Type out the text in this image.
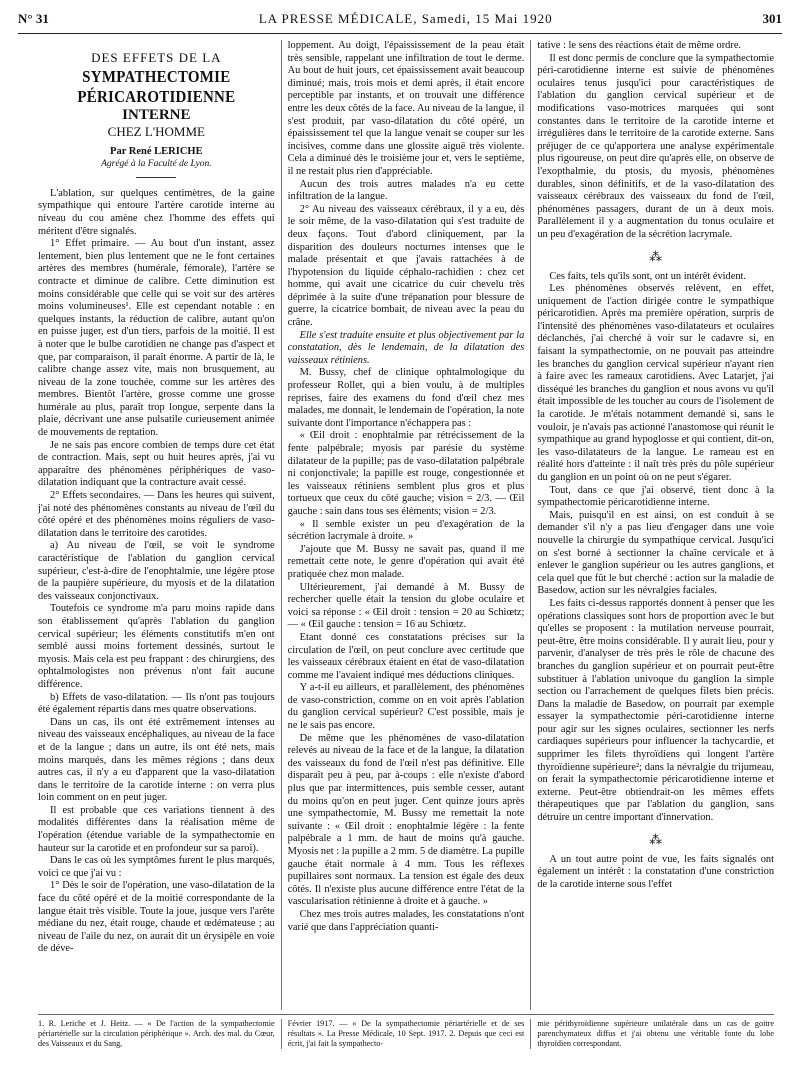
N° 31	LA PRESSE MÉDICALE, Samedi, 15 Mai 1920	301
DES EFFETS DE LA
SYMPATHECTOMIE PÉRICAROTIDIENNE
INTERNE
CHEZ L'HOMME
Par René LERICHE
Agrégé à la Faculté de Lyon.

L'ablation, sur quelques centimètres, de la gaine sympathique qui entoure l'artère carotide interne au niveau du cou amène chez l'homme des effets qui méritent d'être signalés.

1° Effet primaire. — Au bout d'un instant, assez lentement, bien plus lentement que ne le font certaines artères des membres (humérale, fémorale), l'artère se contracte et diminue de calibre. Cette diminution est moins considérable que celle qui se voit sur des artères moins volumineuses¹. Elle est cependant notable : en quelques instants, la réduction de calibre, autant qu'on en puisse juger, est d'un tiers, parfois de la moitié. Il est à noter que le bulbe carotidien ne change pas d'aspect et que, par comparaison, il paraît énorme. A partir de là, le calibre change assez vite, mais non brusquement, au niveau de la zone touchée, comme sur les artères des membres. Bientôt l'artère, grosse comme une grosse humérale au plus, paraît trop longue, serpente dans la plaie, décrivant une anse pulsatile curieusement animée de mouvements de reptation.

Je ne sais pas encore combien de temps dure cet état de contraction. Mais, sept ou huit heures après, j'ai vu apparaître des phénomènes périphériques de vaso-dilatation indiquant que la contracture avait cessé.

2° Effets secondaires. — Dans les heures qui suivent, j'ai noté des phénomènes constants au niveau de l'œil du côté opéré et des phénomènes moins réguliers de vaso-dilatation dans le territoire des carotides.

a) Au niveau de l'œil, se voit le syndrome caractéristique de l'ablation du ganglion cervical supérieur, c'est-à-dire de l'enophtalmie, une légère ptose de la paupière supérieure, du myosis et de la dilatation des vaisseaux conjonctivaux.

Toutefois ce syndrome m'a paru moins rapide dans son établissement qu'après l'ablation du ganglion cervical supérieur; les éléments constitutifs m'en ont semblé aussi moins fortement dessinés, surtout le myosis. Mais cela est peu frappant : des chirurgiens, des ophtalmologistes non prévenus n'ont fait aucune différence.

b) Effets de vaso-dilatation. — Ils n'ont pas toujours été également répartis dans mes quatre observations.

Dans un cas, ils ont été extrêmement intenses au niveau des vaisseaux encéphaliques, au niveau de la face et de la langue ; dans un autre, ils ont été nets, mais moins marqués, dans les mêmes régions ; dans deux autres cas, il n'y a eu d'apparent que la vaso-dilatation dans le territoire de la carotide interne : on verra plus loin comment on en peut juger.

Il est probable que ces variations tiennent à des modalités différentes dans la réalisation même de l'opération (étendue variable de la sympathectomie en hauteur sur la carotide et en profondeur sur sa paroi).

Dans le cas où les symptômes furent le plus marqués, voici ce que j'ai vu :

1° Dès le soir de l'opération, une vaso-dilatation de la face du côté opéré et de la moitié correspondante de la langue était très visible. Toute la joue, jusque vers l'arête médiane du nez, était rouge, chaude et œdémateuse ; au niveau de l'aile du nez, on aurait dit un érysipèle en voie de déve-

loppement. Au doigt, l'épaississement de la peau était très sensible, rappelant une infiltration de tout le derme. Au bout de huit jours, cet épaississement avait beaucoup diminué; mais, trois mois et demi après, il était encore perceptible par instants, et on trouvait une différence entre les deux côtés de la face. Au niveau de la langue, il s'est produit, par vaso-dilatation du côté opéré, un épaississement tel que la langue venait se couper sur les incisives, comme dans une glossite aiguë très violente. Cela a diminué dès le troisième jour et, vers le septième, il ne restait plus rien d'appréciable.

Aucun des trois autres malades n'a eu cette infiltration de la langue.

2° Au niveau des vaisseaux cérébraux, il y a eu, dès le soir même, de la vaso-dilatation qui s'est traduite de deux façons. Tout d'abord cliniquement, par la disparition des douleurs nocturnes intenses que le malade présentait et que j'avais rattachées à de l'hypotension du liquide céphalo-rachidien : chez cet homme, qui avait une cicatrice du cuir chevelu très déprimée à la suite d'une trépanation pour blessure de guerre, la cicatrice bombait, de niveau avec la peau du crâne.

Elle s'est traduite ensuite et plus objectivement par la constatation, dès le lendemain, de la dilatation des vaisseaux rétiniens.

M. Bussy, chef de clinique ophtalmologique du professeur Rollet, qui a bien voulu, à de multiples reprises, faire des examens du fond d'œil chez mes malades, me donnait, le lendemain de l'opération, la note suivante dont l'importance n'échappera pas :

« Œil droit : enophtalmie par rétrécissement de la fente palpébrale; myosis par parésie du système dilatateur de la pupille; pas de vaso-dilatation palpébrale ni conjonctivale; la papille est rouge, congestionnée et les vaisseaux rétiniens semblent plus gros et plus tortueux que ceux du côté gauche; vision = 2/3. — Œil gauche : sain dans tous ses éléments; vision = 2/3.

« Il semble exister un peu d'exagération de la sécrétion lacrymale à droite. »

J'ajoute que M. Bussy ne savait pas, quand il me remettait cette note, le genre d'opération qui avait été pratiquée chez mon malade.

Ultérieurement, j'ai demandé à M. Bussy de rechercher quelle était la tension du globe oculaire et voici sa réponse : « Œil droit : tension = 20 au Schiœtz; — « Œil gauche : tension = 16 au Schiœtz.

Etant donné ces constatations précises sur la circulation de l'œil, on peut conclure avec certitude que les vaisseaux cérébraux étaient en état de vaso-dilatation comme me l'avaient indiqué mes déductions cliniques.

Y a-t-il eu ailleurs, et parallèlement, des phénomènes de vaso-constriction, comme on en voit après l'ablation du ganglion cervical supérieur? C'est possible, mais je ne le sais pas encore.

De même que les phénomènes de vaso-dilatation relevés au niveau de la face et de la langue, la dilatation des vaisseaux du fond de l'œil n'est pas définitive. Elle disparaît peu à peu, par à-coups : elle n'existe d'abord plus que par intermittences, puis semble cesser, autant du moins qu'on en peut juger. Cent quinze jours après une sympathectomie, M. Bussy me remettait la note suivante : « Œil droit : enophtalmie légère : la fente palpébrale a 1 mm. de haut de moins qu'à gauche. Myosis net : la pupille a 2 mm. 5 de diamètre. La pupille gauche était normale à 4 mm. Tous les réflexes pupillaires sont normaux. La tension est égale des deux côtés. Il n'existe plus aucune différence entre l'état de la vascularisation rétinienne à droite et à gauche. »

Chez mes trois autres malades, les constatations n'ont varié que dans l'appréciation quanti-

tative : le sens des réactions était de même ordre.

Il est donc permis de conclure que la sympathectomie péri-carotidienne interne est suivie de phénomènes oculaires tenus jusqu'ici pour caractéristiques de l'ablation du ganglion cervical supérieur et de modifications vaso-motrices marquées qui sont constantes dans le territoire de la carotide interne et irrégulières dans le territoire de la carotide externe. Sans préjuger de ce qu'apportera une analyse expérimentale plus rigoureuse, on peut dire qu'après elle, on observe de l'exopthalmie, du ptosis, du myosis, phénomènes durables, sinon définitifs, et de la vaso-dilatation des vaisseaux cérébraux des vaisseaux du fond de l'œil, phénomènes passagers, durant de un à deux mois. Parallèlement il y a augmentation du tonus oculaire et un peu d'exagération de la sécrétion lacrymale.

⁂

Ces faits, tels qu'ils sont, ont un intérêt évident.

Les phénomènes observés relèvent, en effet, uniquement de l'action dirigée contre le sympathique péricarotidien. Après ma première opération, surpris de l'intensité des phénomènes vaso-dilatateurs et oculaires déclanchés, j'ai cherché à voir sur le cadavre si, en faisant la sympathectomie, on ne pouvait pas atteindre les branches du ganglion cervical supérieur n'ayant rien à faire avec les rameaux carotidiens. Avec Latarjet, j'ai disséqué les branches du ganglion et nous avons vu qu'il était impossible de les toucher au cours de l'isolement de la carotide. Je m'étais notamment demandé si, sans le vouloir, je n'avais pas actionné l'anastomose qui réunit le sympathique au grand hypoglosse et qui contient, dit-on, les vaso-dilatateurs de la langue. Le rameau est en réalité hors d'atteinte : il naît très près du pôle supérieur du ganglion en un point où on ne peut s'égarer.

Tout, dans ce que j'ai observé, tient donc à la sympathectomie péricarotidienne interne.

Mais, puisqu'il en est ainsi, on est conduit à se demander s'il n'y a pas lieu d'engager dans une voie nouvelle la chirurgie du sympathique cervical. Jusqu'ici on s'est borné à sectionner la chaîne cervicale et à enlever le ganglion supérieur ou les autres ganglions, et cela quel que fût le but cherché : action sur la maladie de Basedow, action sur les névralgies faciales.

Les faits ci-dessus rapportés donnent à penser que les opérations classiques sont hors de proportion avec le but qu'elles se proposent : la mutilation nerveuse pourrait, peut-être, être moins considérable. Il y aurait lieu, pour y parvenir, d'analyser de très près le rôle de chacune des branches du ganglion supérieur et on pourrait peut-être substituer à l'ablation univoque du ganglion la simple section ou l'arrachement de quelques filets bien précis. Dans la maladie de Basedow, on pourrait par exemple essayer la sympathectomie péri-carotidienne interne pour agir sur les signes oculaires, sectionner les nerfs cardiaques supérieurs pour influencer la tachycardie, et supprimer les filets thyroïdiens qui longent l'artère thyroïdienne supérieure²; dans la névralgie du trijumeau, on ferait la sympathectomie péricarotidienne interne et externe. Peut-être obtiendrait-on les mêmes effets thérapeutiques que par l'ablation du ganglion, sans détruire un centre important d'innervation.

⁂

A un tout autre point de vue, les faits signalés ont également un intérêt : la constatation d'une constriction de la carotide interne sous l'effet

1. R. Leriche et J. Heitz. — « De l'action de la sympathectomie périartérielle sur la circulation périphérique ». Arch. des mal. du Cœur, des Vaisseaux et du Sang,
Février 1917. — « De la sympathectomie périartérielle et de ses résultats ». La Presse Médicale, 10 Sept. 1917. 2. Depuis que ceci est écrit, j'ai fait la sympathecto-
mie périthyroïdienne supérieure unilatérale dans un cas de goitre parenchymateux diffus et j'ai obtenu une véritable fonte du lobe thyroïdien correspondant.
